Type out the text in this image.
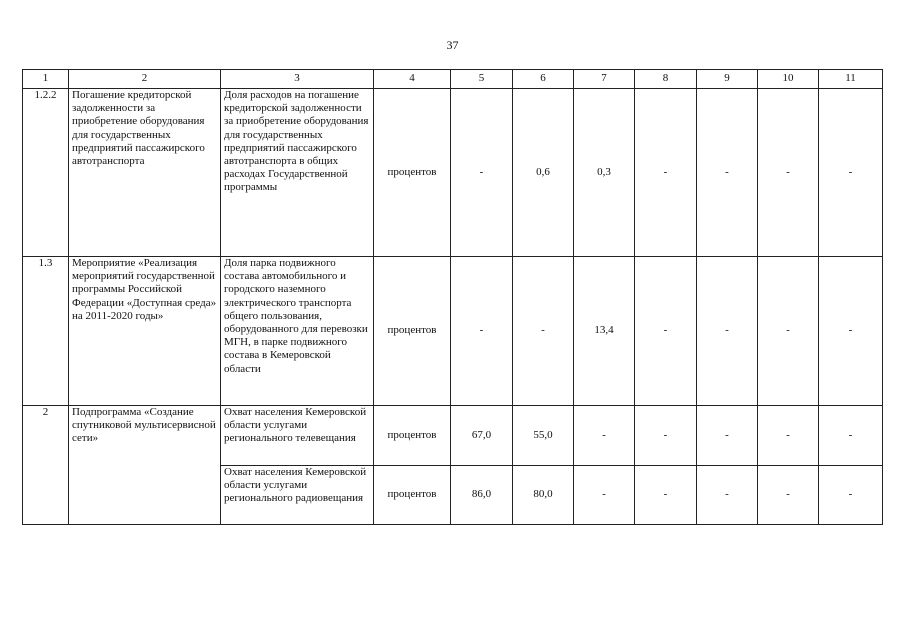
37
1	2	3	4	5	6	7	8	9	10	11
1.2.2	Погашение кредиторской задолженности за приобретение оборудования для государственных предприятий пассажирского автотранспорта	Доля расходов на погашение кредиторской задолженности за приобретение оборудования для государственных предприятий пассажирского автотранспорта в общих расходах Государственной программы	процентов	-	0,6	0,3	-	-	-	-
1.3	Мероприятие «Реализация мероприятий государственной программы Российской Федерации «Доступная среда» на 2011-2020 годы»	Доля парка подвижного состава автомобильного и городского наземного электрического транспорта общего пользования, оборудованного для перевозки МГН, в парке подвижного состава в Кемеровской области	процентов	-	-	13,4	-	-	-	-
2	Подпрограмма «Создание спутниковой мультисервисной сети»	Охват населения Кемеровской области услугами регионального телевещания	процентов	67,0	55,0	-	-	-	-	-
		Охват населения Кемеровской области услугами регионального радиовещания	процентов	86,0	80,0	-	-	-	-	-
